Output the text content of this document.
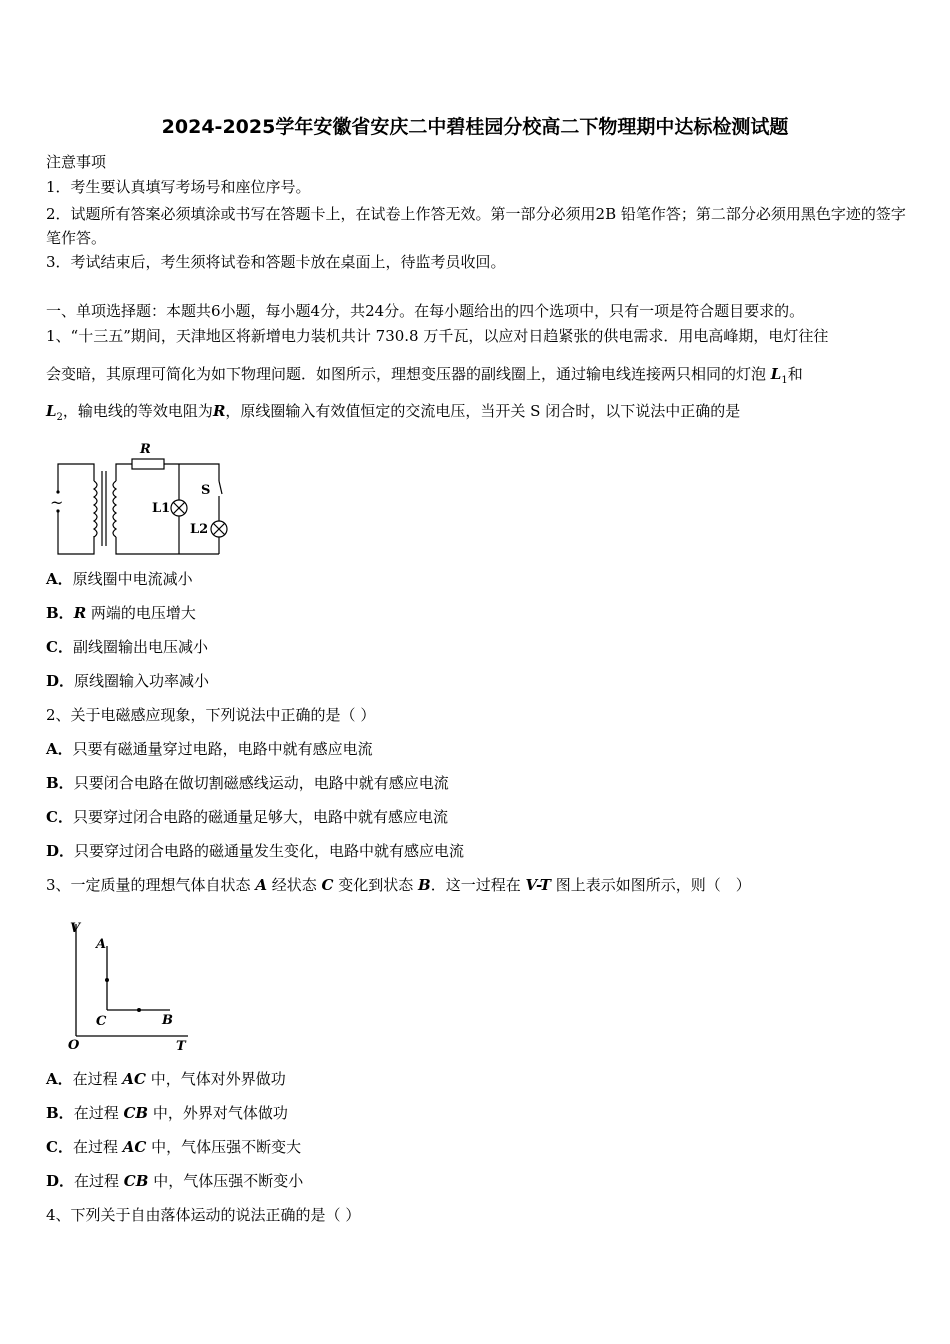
2024-2025学年安徽省安庆二中碧桂园分校高二下物理期中达标检测试题
注意事项
1．考生要认真填写考场号和座位序号。
2．试题所有答案必须填涂或书写在答题卡上，在试卷上作答无效。第一部分必须用2B 铅笔作答；第二部分必须用黑色字迹的签字笔作答。
3．考试结束后，考生须将试卷和答题卡放在桌面上，待监考员收回。
一、单项选择题：本题共6小题，每小题4分，共24分。在每小题给出的四个选项中，只有一项是符合题目要求的。
1、“十三五”期间，天津地区将新增电力装机共计 730.8 万千瓦，以应对日趋紧张的供电需求．用电高峰期，电灯往往
会变暗，其原理可简化为如下物理问题．如图所示，理想变压器的副线圈上，通过输电线连接两只相同的灯泡 $L_1$和
$L_2$，输电线的等效电阻为R，原线圈输入有效值恒定的交流电压，当开关 S 闭合时，以下说法中正确的是
~
R
S
L1
L2
A．原线圈中电流减小
B．R 两端的电压增大
C．副线圈输出电压减小
D．原线圈输入功率减小
2、关于电磁感应现象，下列说法中正确的是（ ）
A．只要有磁通量穿过电路，电路中就有感应电流
B．只要闭合电路在做切割磁感线运动，电路中就有感应电流
C．只要穿过闭合电路的磁通量足够大，电路中就有感应电流
D．只要穿过闭合电路的磁通量发生变化，电路中就有感应电流
3、一定质量的理想气体自状态 A 经状态 C 变化到状态 B．这一过程在 V-T 图上表示如图所示，则（　）
V
T
O
A
C	B
A．在过程 AC 中，气体对外界做功
B．在过程 CB 中，外界对气体做功
C．在过程 AC 中，气体压强不断变大
D．在过程 CB 中，气体压强不断变小
4、下列关于自由落体运动的说法正确的是（ ）
